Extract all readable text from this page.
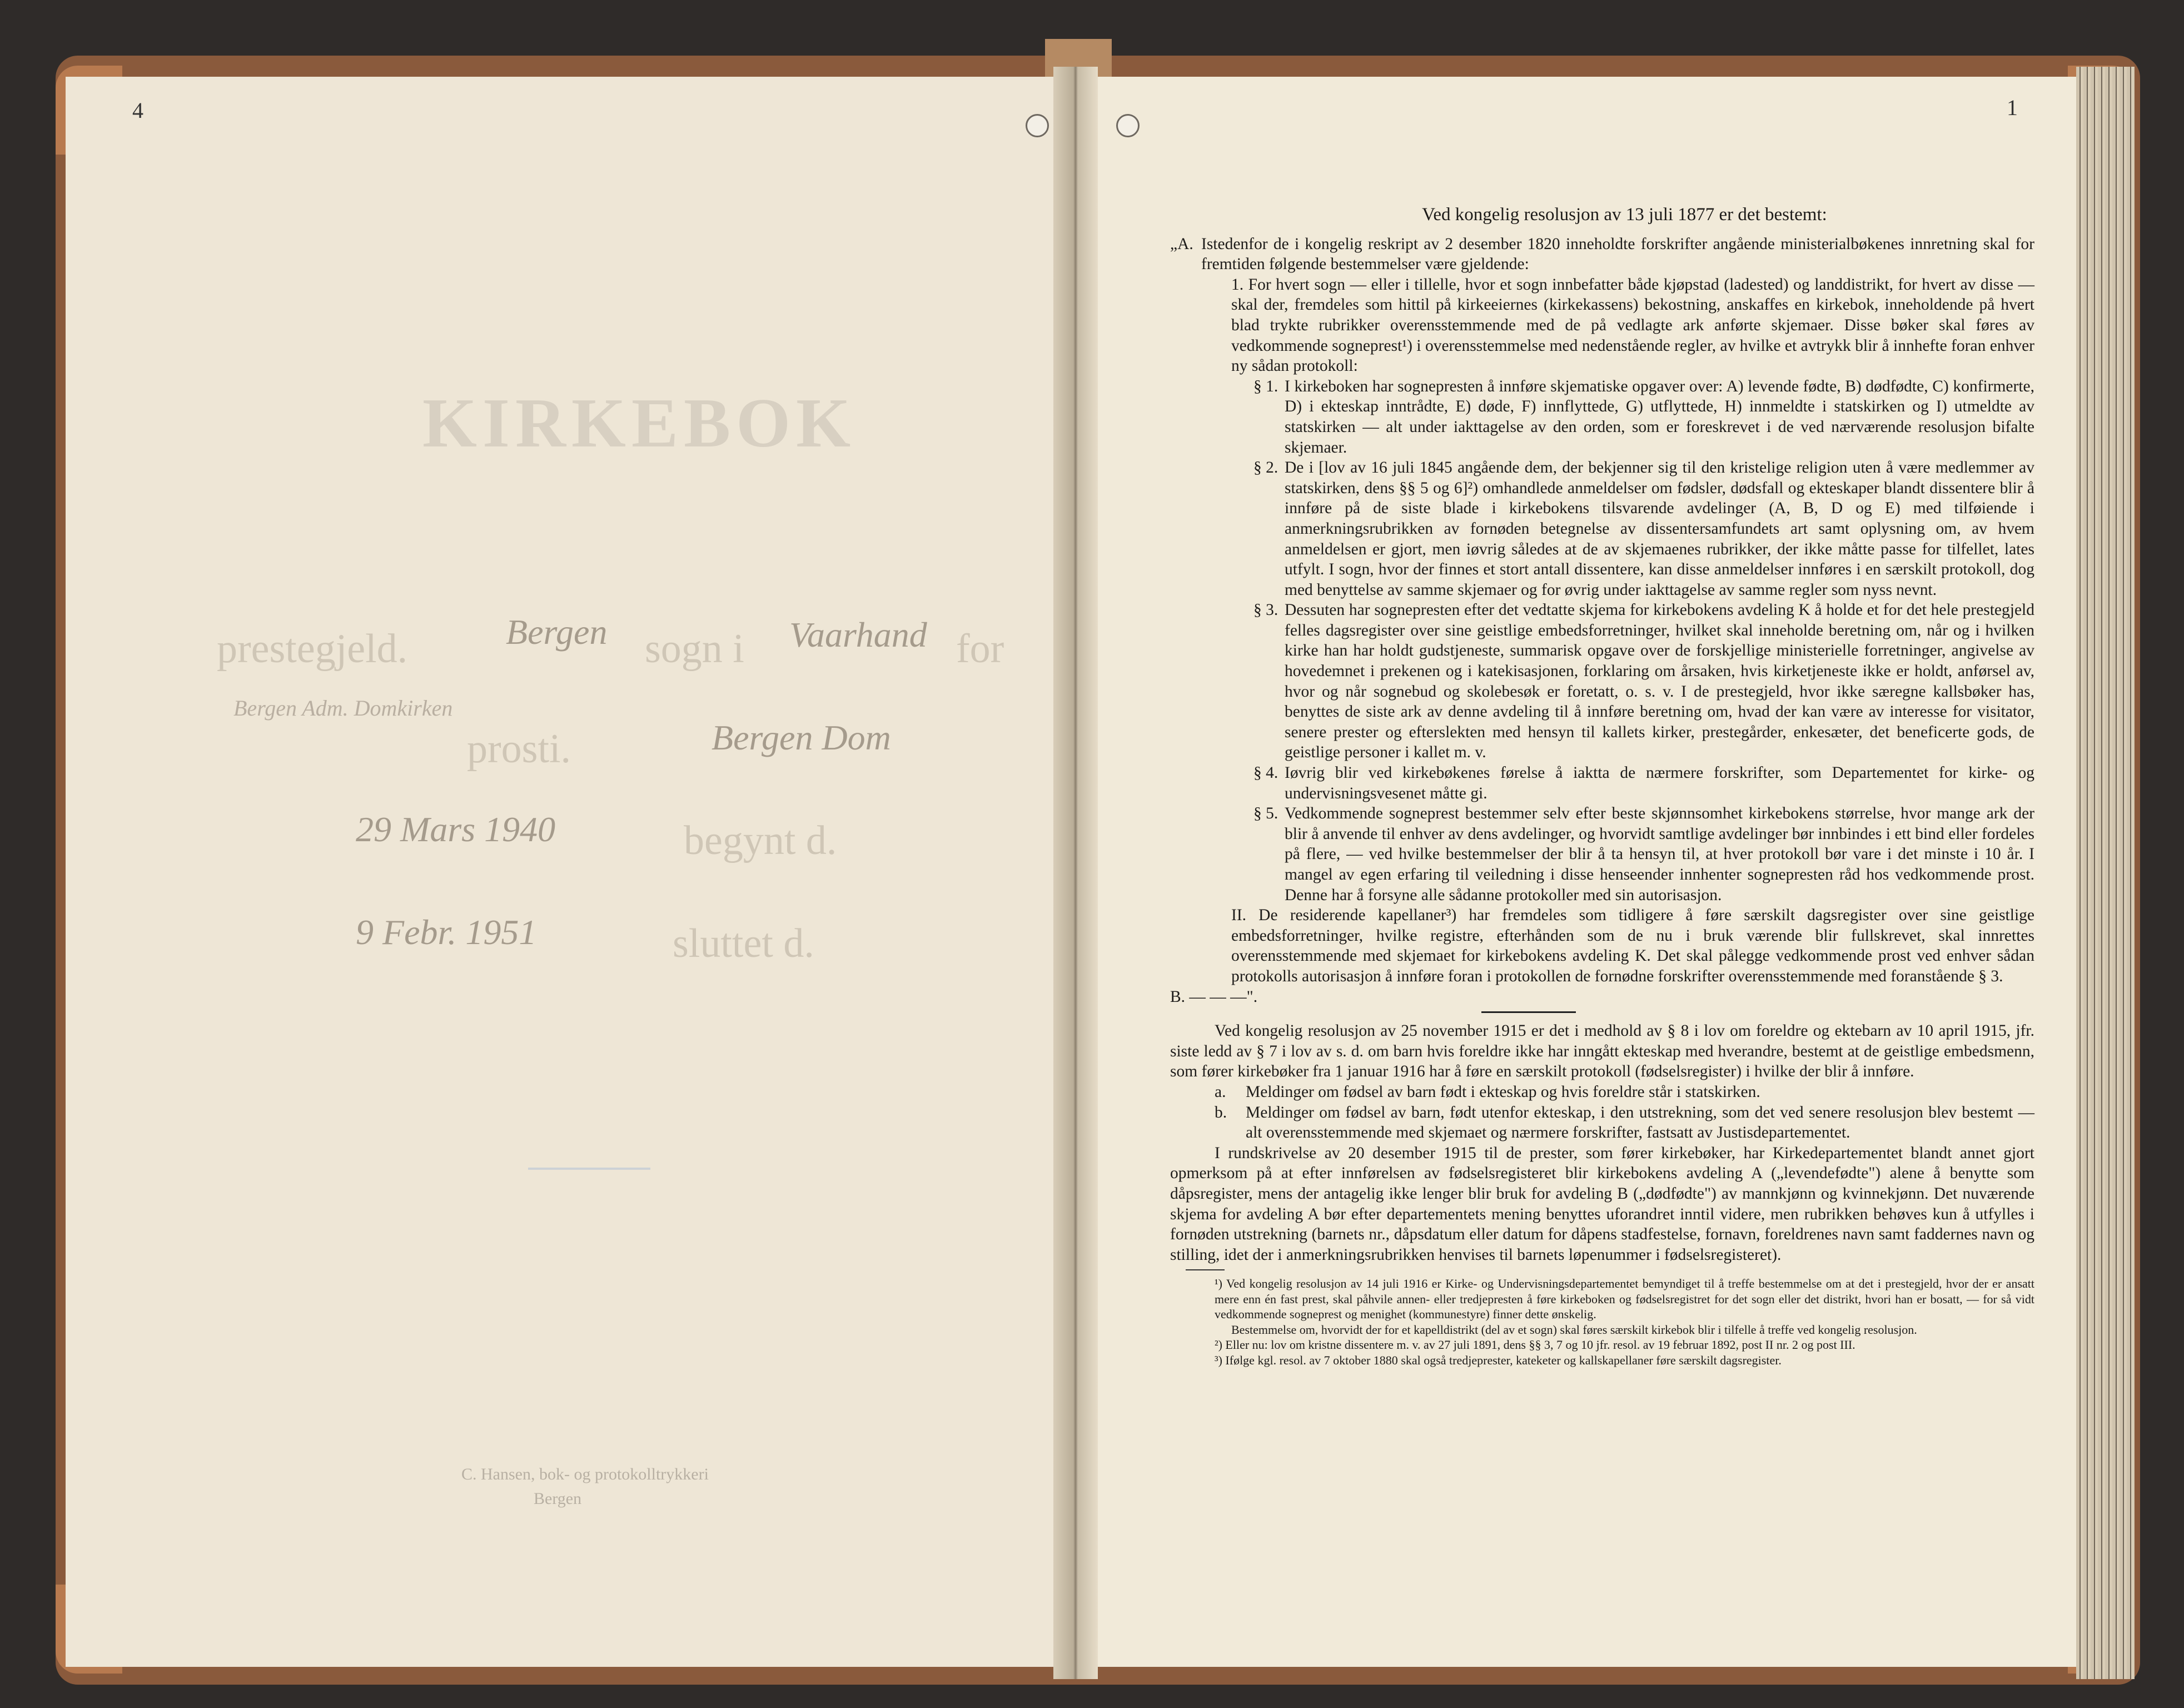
4
KIRKEBOK
for
Vaarhand
sogn i
Bergen
prestegjeld.
Bergen Adm. Domkirken
Bergen Dom
prosti.
begynt d.
29 Mars 1940
sluttet d.
9 Febr. 1951
C. Hansen, bok- og protokolltrykkeri
Bergen
1
Ved kongelig resolusjon av 13 juli 1877 er det bestemt:
„A. Istedenfor de i kongelig reskript av 2 desember 1820 inneholdte forskrifter angående ministerialbøkenes innretning skal for fremtiden følgende bestemmelser være gjeldende:
1. For hvert sogn — eller i tillelle, hvor et sogn innbefatter både kjøpstad (ladested) og landdistrikt, for hvert av disse — skal der, fremdeles som hittil på kirkeeiernes (kirkekassens) bekostning, anskaffes en kirkebok, inneholdende på hvert blad trykte rubrikker overensstemmende med de på vedlagte ark anførte skjemaer. Disse bøker skal føres av vedkommende sogneprest¹) i overensstemmelse med nedenstående regler, av hvilke et avtrykk blir å innhefte foran enhver ny sådan protokoll:
§ 1. I kirkeboken har sognepresten å innføre skjematiske opgaver over: A) levende fødte, B) dødfødte, C) konfirmerte, D) i ekteskap inntrådte, E) døde, F) innflyttede, G) utflyttede, H) innmeldte i statskirken og I) utmeldte av statskirken — alt under iakttagelse av den orden, som er foreskrevet i de ved nærværende resolusjon bifalte skjemaer.
§ 2. De i [lov av 16 juli 1845 angående dem, der bekjenner sig til den kristelige religion uten å være medlemmer av statskirken, dens §§ 5 og 6]²) omhandlede anmeldelser om fødsler, dødsfall og ekteskaper blandt dissentere blir å innføre på de siste blade i kirkebokens tilsvarende avdelinger (A, B, D og E) med tilføiende i anmerkningsrubrikken av fornøden betegnelse av dissentersamfundets art samt oplysning om, av hvem anmeldelsen er gjort, men iøvrig således at de av skjemaenes rubrikker, der ikke måtte passe for tilfellet, lates utfylt. I sogn, hvor der finnes et stort antall dissentere, kan disse anmeldelser innføres i en særskilt protokoll, dog med benyttelse av samme skjemaer og for øvrig under iakttagelse av samme regler som nyss nevnt.
§ 3. Dessuten har sognepresten efter det vedtatte skjema for kirkebokens avdeling K å holde et for det hele prestegjeld felles dagsregister over sine geistlige embedsforretninger, hvilket skal inneholde beretning om, når og i hvilken kirke han har holdt gudstjeneste, summarisk opgave over de forskjellige ministerielle forretninger, angivelse av hovedemnet i prekenen og i katekisasjonen, forklaring om årsaken, hvis kirketjeneste ikke er holdt, anførsel av, hvor og når sognebud og skolebesøk er foretatt, o. s. v. I de prestegjeld, hvor ikke særegne kallsbøker has, benyttes de siste ark av denne avdeling til å innføre beretning om, hvad der kan være av interesse for visitator, senere prester og efterslekten med hensyn til kallets kirker, prestegårder, enkesæter, det beneficerte gods, de geistlige personer i kallet m. v.
§ 4. Iøvrig blir ved kirkebøkenes førelse å iaktta de nærmere forskrifter, som Departementet for kirke- og undervisningsvesenet måtte gi.
§ 5. Vedkommende sogneprest bestemmer selv efter beste skjønnsomhet kirkebokens størrelse, hvor mange ark der blir å anvende til enhver av dens avdelinger, og hvorvidt samtlige avdelinger bør innbindes i ett bind eller fordeles på flere, — ved hvilke bestemmelser der blir å ta hensyn til, at hver protokoll bør vare i det minste i 10 år. I mangel av egen erfaring til veiledning i disse henseender innhenter sognepresten råd hos vedkommende prost. Denne har å forsyne alle sådanne protokoller med sin autorisasjon.
II. De residerende kapellaner³) har fremdeles som tidligere å føre særskilt dagsregister over sine geistlige embedsforretninger, hvilke registre, efterhånden som de nu i bruk værende blir fullskrevet, skal innrettes overensstemmende med skjemaet for kirkebokens avdeling K. Det skal pålegge vedkommende prost ved enhver sådan protokolls autorisasjon å innføre foran i protokollen de fornødne forskrifter overensstemmende med foranstående § 3.
B. — — —".
Ved kongelig resolusjon av 25 november 1915 er det i medhold av § 8 i lov om foreldre og ektebarn av 10 april 1915, jfr. siste ledd av § 7 i lov av s. d. om barn hvis foreldre ikke har inngått ekteskap med hverandre, bestemt at de geistlige embedsmenn, som fører kirkebøker fra 1 januar 1916 har å føre en særskilt protokoll (fødselsregister) i hvilke der blir å innføre.
a.	Meldinger om fødsel av barn født i ekteskap og hvis foreldre står i statskirken.
b.	Meldinger om fødsel av barn, født utenfor ekteskap, i den utstrekning, som det ved senere resolusjon blev bestemt — alt overensstemmende med skjemaet og nærmere forskrifter, fastsatt av Justisdepartementet.
I rundskrivelse av 20 desember 1915 til de prester, som fører kirkebøker, har Kirkedepartementet blandt annet gjort opmerksom på at efter innførelsen av fødselsregisteret blir kirkebokens avdeling A („levendefødte") alene å benytte som dåpsregister, mens der antagelig ikke lenger blir bruk for avdeling B („dødfødte") av mannkjønn og kvinnekjønn. Det nuværende skjema for avdeling A bør efter departementets mening benyttes uforandret inntil videre, men rubrikken behøves kun å utfylles i fornøden utstrekning (barnets nr., dåpsdatum eller datum for dåpens stadfestelse, fornavn, foreldrenes navn samt faddernes navn og stilling, idet der i anmerkningsrubrikken henvises til barnets løpenummer i fødselsregisteret).
¹) Ved kongelig resolusjon av 14 juli 1916 er Kirke- og Undervisningsdepartementet bemyndiget til å treffe bestemmelse om at det i prestegjeld, hvor der er ansatt mere enn én fast prest, skal påhvile annen- eller tredjepresten å føre kirkeboken og fødselsregistret for det sogn eller det distrikt, hvori han er bosatt, — for så vidt vedkommende sogneprest og menighet (kommunestyre) finner dette ønskelig.
Bestemmelse om, hvorvidt der for et kapelldistrikt (del av et sogn) skal føres særskilt kirkebok blir i tilfelle å treffe ved kongelig resolusjon.
²) Eller nu: lov om kristne dissentere m. v. av 27 juli 1891, dens §§ 3, 7 og 10 jfr. resol. av 19 februar 1892, post II nr. 2 og post III.
³) Ifølge kgl. resol. av 7 oktober 1880 skal også tredjeprester, kateketer og kallskapellaner føre særskilt dagsregister.
